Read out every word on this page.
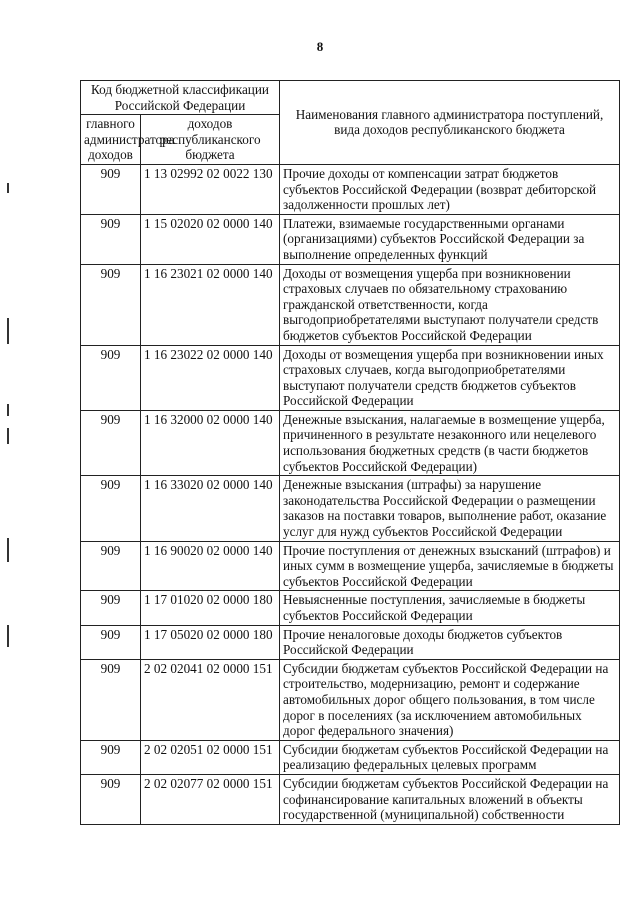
8
Код бюджетной классификации Российской Федерации		Наименования главного администратора поступлений, вида доходов республиканского бюджета
главного администратора доходов	доходов республиканского бюджета	
909	1 13 02992 02 0022 130	Прочие доходы от компенсации затрат бюджетов субъектов Российской Федерации (возврат дебиторской задолженности прошлых лет)
909	1 15 02020 02 0000 140	Платежи, взимаемые государственными органами (организациями) субъектов Российской Федерации за выполнение определенных функций
909	1 16 23021 02 0000 140	Доходы от возмещения ущерба при возникновении страховых случаев по обязательному страхованию гражданской ответственности, когда выгодоприобретателями выступают получатели средств бюджетов субъектов Российской Федерации
909	1 16 23022 02 0000 140	Доходы от возмещения ущерба при возникновении иных страховых случаев, когда выгодоприобретателями выступают получатели средств бюджетов субъектов Российской Федерации
909	1 16 32000 02 0000 140	Денежные взыскания, налагаемые в возмещение ущерба, причиненного в результате незаконного или нецелевого использования бюджетных средств (в части бюджетов субъектов Российской Федерации)
909	1 16 33020 02 0000 140	Денежные взыскания (штрафы) за нарушение законодательства Российской Федерации о размещении заказов на поставки товаров, выполнение работ, оказание услуг для нужд субъектов Российской Федерации
909	1 16 90020 02 0000 140	Прочие поступления от денежных взысканий (штрафов) и иных сумм в возмещение ущерба, зачисляемые в бюджеты субъектов Российской Федерации
909	1 17 01020 02 0000 180	Невыясненные поступления, зачисляемые в бюджеты субъектов Российской Федерации
909	1 17 05020 02 0000 180	Прочие неналоговые доходы бюджетов субъектов Российской Федерации
909	2 02 02041 02 0000 151	Субсидии бюджетам субъектов Российской Федерации на строительство, модернизацию, ремонт и содержание автомобильных дорог общего пользования, в том числе дорог в поселениях (за исключением автомобильных дорог федерального значения)
909	2 02 02051 02 0000 151	Субсидии бюджетам субъектов Российской Федерации на реализацию федеральных целевых программ
909	2 02 02077 02 0000 151	Субсидии бюджетам субъектов Российской Федерации на софинансирование капитальных вложений в объекты государственной (муниципальной) собственности
